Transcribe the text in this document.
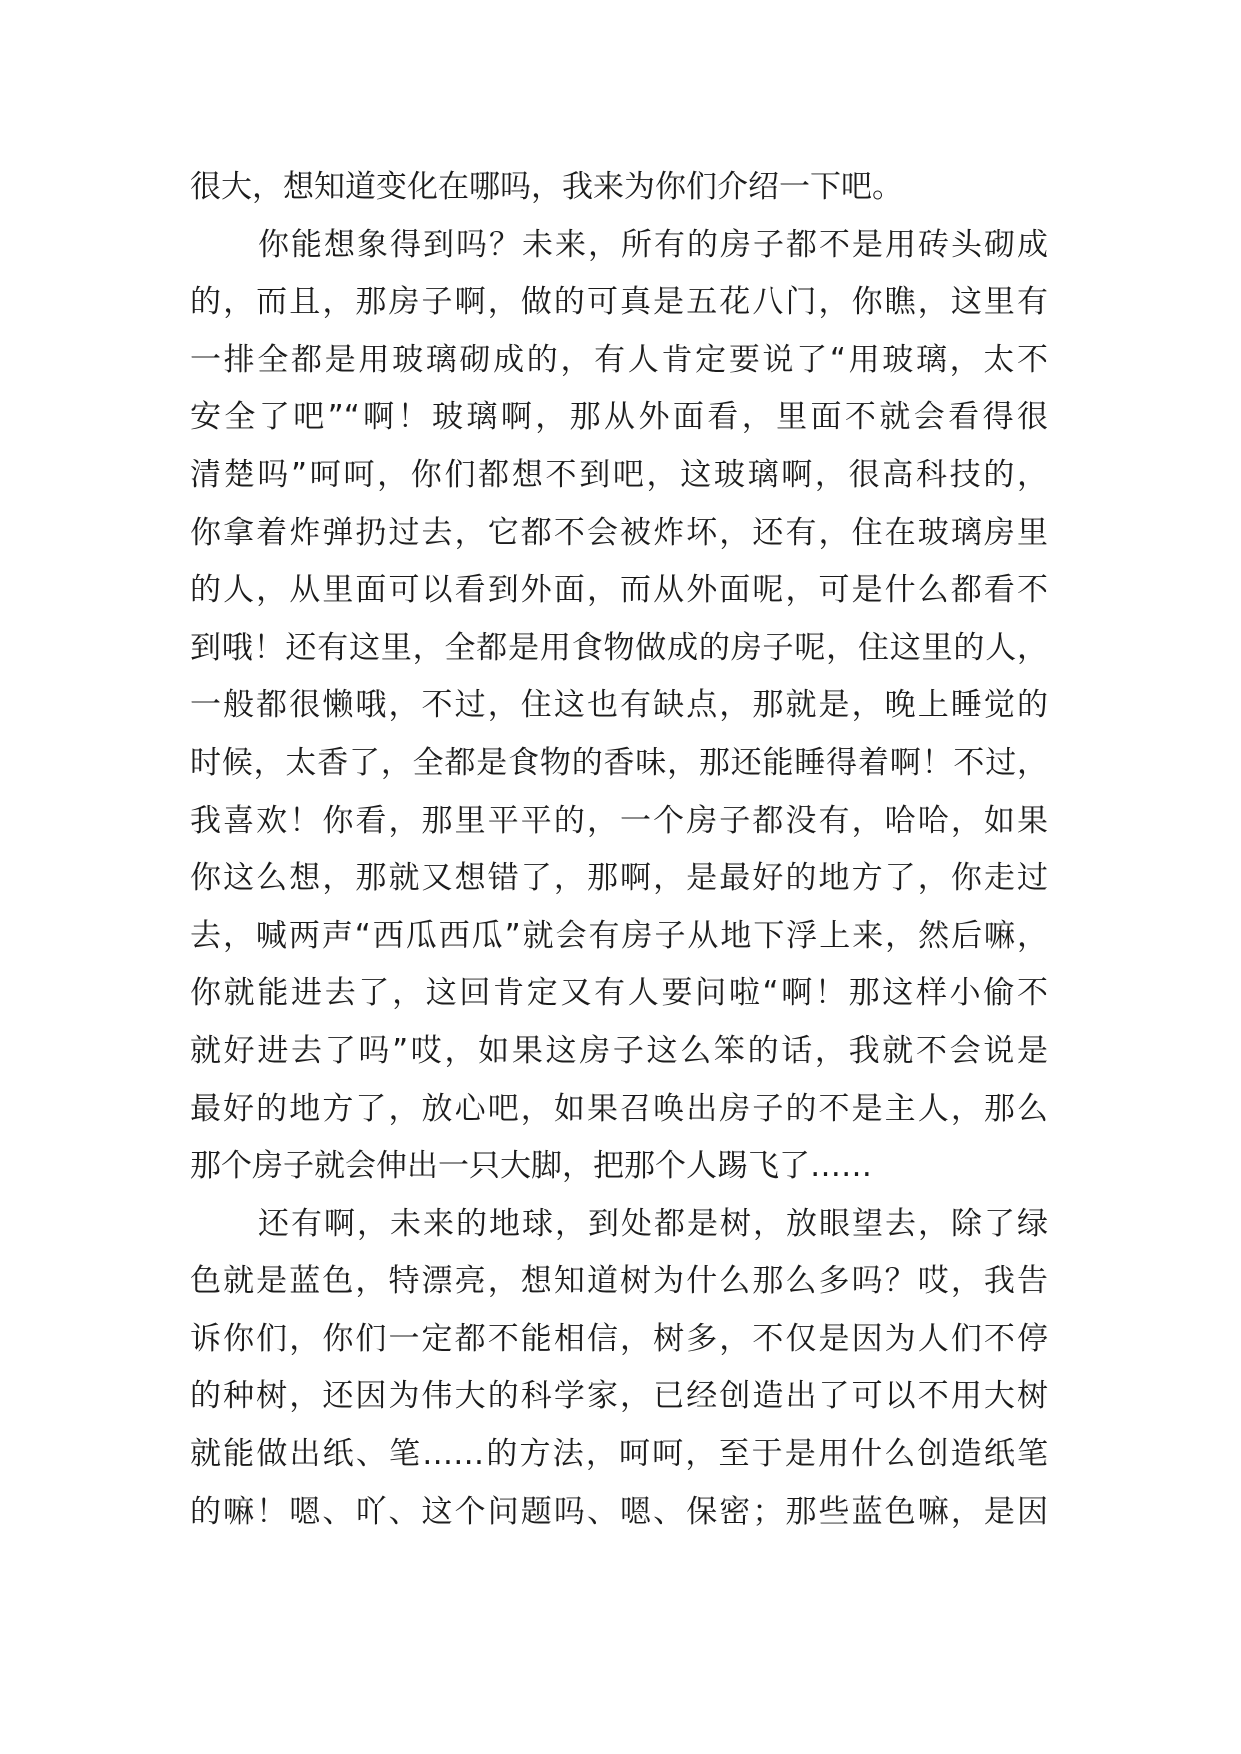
很大，想知道变化在哪吗，我来为你们介绍一下吧。
你能想象得到吗？未来，所有的房子都不是用砖头砌成
的，而且，那房子啊，做的可真是五花八门，你瞧，这里有
一排全都是用玻璃砌成的，有人肯定要说了“用玻璃，太不
安全了吧”“啊！玻璃啊，那从外面看，里面不就会看得很
清楚吗”呵呵，你们都想不到吧，这玻璃啊，很高科技的，
你拿着炸弹扔过去，它都不会被炸坏，还有，住在玻璃房里
的人，从里面可以看到外面，而从外面呢，可是什么都看不
到哦！还有这里，全都是用食物做成的房子呢，住这里的人，
一般都很懒哦，不过，住这也有缺点，那就是，晚上睡觉的
时候，太香了，全都是食物的香味，那还能睡得着啊！不过，
我喜欢！你看，那里平平的，一个房子都没有，哈哈，如果
你这么想，那就又想错了，那啊，是最好的地方了，你走过
去，喊两声“西瓜西瓜”就会有房子从地下浮上来，然后嘛，
你就能进去了，这回肯定又有人要问啦“啊！那这样小偷不
就好进去了吗”哎，如果这房子这么笨的话，我就不会说是
最好的地方了，放心吧，如果召唤出房子的不是主人，那么
那个房子就会伸出一只大脚，把那个人踢飞了……
还有啊，未来的地球，到处都是树，放眼望去，除了绿
色就是蓝色，特漂亮，想知道树为什么那么多吗？哎，我告
诉你们，你们一定都不能相信，树多，不仅是因为人们不停
的种树，还因为伟大的科学家，已经创造出了可以不用大树
就能做出纸、笔……的方法，呵呵，至于是用什么创造纸笔
的嘛！嗯、吖、这个问题吗、嗯、保密；那些蓝色嘛，是因
